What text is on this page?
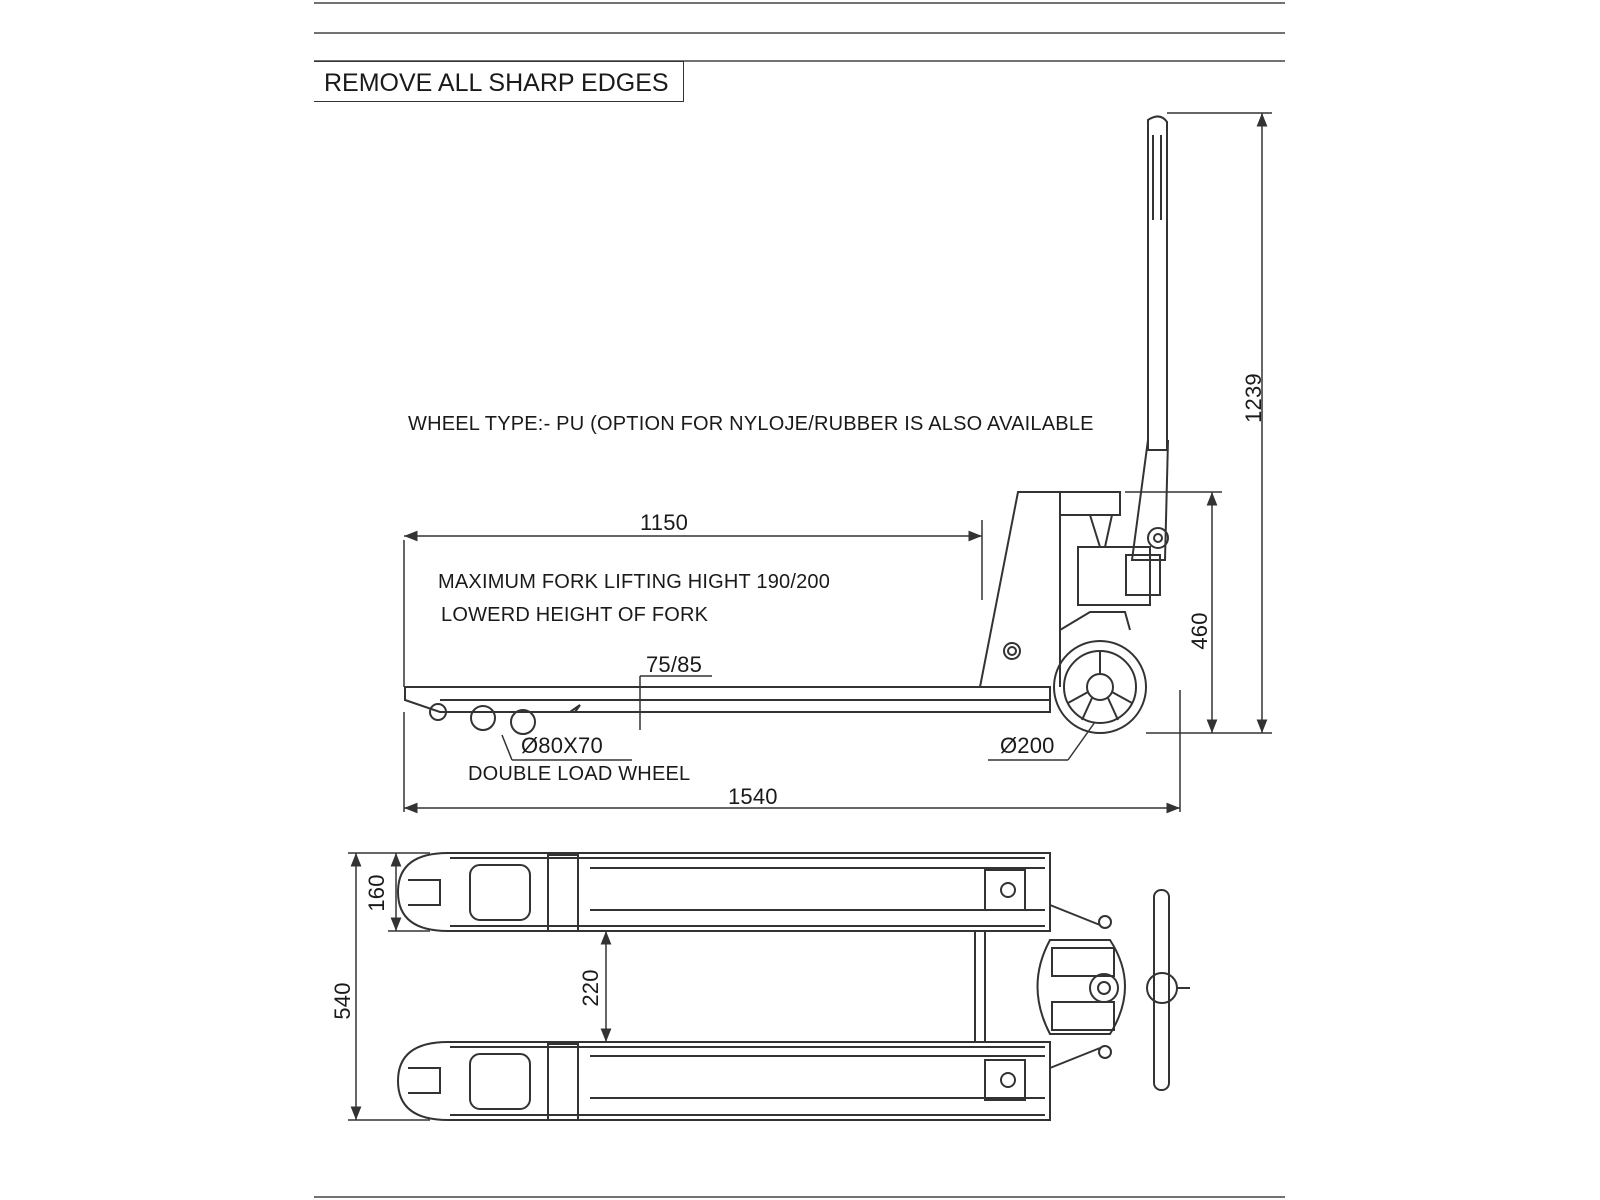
REMOVE ALL SHARP EDGES
WHEEL TYPE:- PU (OPTION FOR NYLOJE/RUBBER IS ALSO AVAILABLE
MAXIMUM FORK LIFTING HIGHT 190/200
LOWERD HEIGHT OF FORK
1150
75/85
Ø80X70
DOUBLE LOAD WHEEL
Ø200
1540
1239
460
160
540	220
